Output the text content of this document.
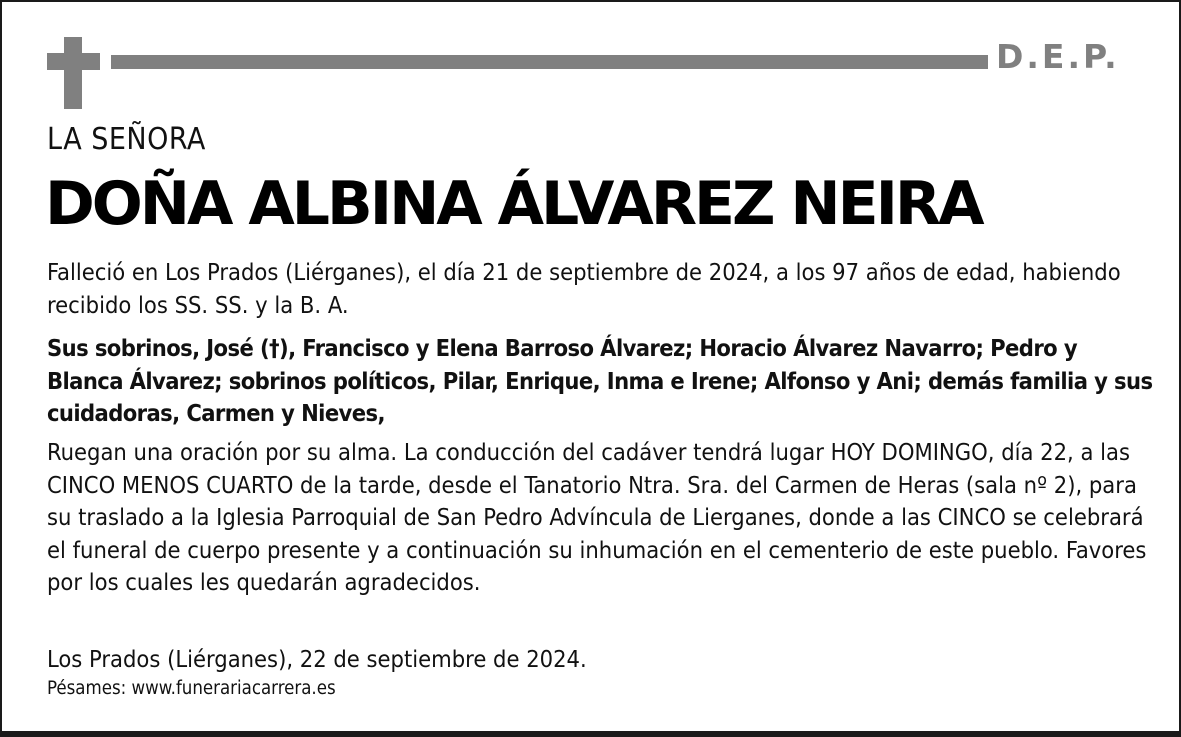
D.E.P.
LA SEÑORA
DOÑA ALBINA ÁLVAREZ NEIRA

Falleció en Los Prados (Liérganes), el día 21 de septiembre de 2024, a los 97 años de edad, habiendo recibido los SS. SS. y la B. A.

Sus sobrinos, José (†), Francisco y Elena Barroso Álvarez; Horacio Álvarez Navarro; Pedro y Blanca Álvarez; sobrinos políticos, Pilar, Enrique, Inma e Irene; Alfonso y Ani; demás familia y sus cuidadoras, Carmen y Nieves,

Ruegan una oración por su alma. La conducción del cadáver tendrá lugar HOY DOMINGO, día 22, a las CINCO MENOS CUARTO de la tarde, desde el Tanatorio Ntra. Sra. del Carmen de Heras (sala nº 2), para su traslado a la Iglesia Parroquial de San Pedro Advíncula de Lierganes, donde a las CINCO se celebrará el funeral de cuerpo presente y a continuación su inhumación en el cementerio de este pueblo. Favores por los cuales les quedarán agradecidos.

Los Prados (Liérganes), 22 de septiembre de 2024.

Pésames: www.funerariacarrera.es
